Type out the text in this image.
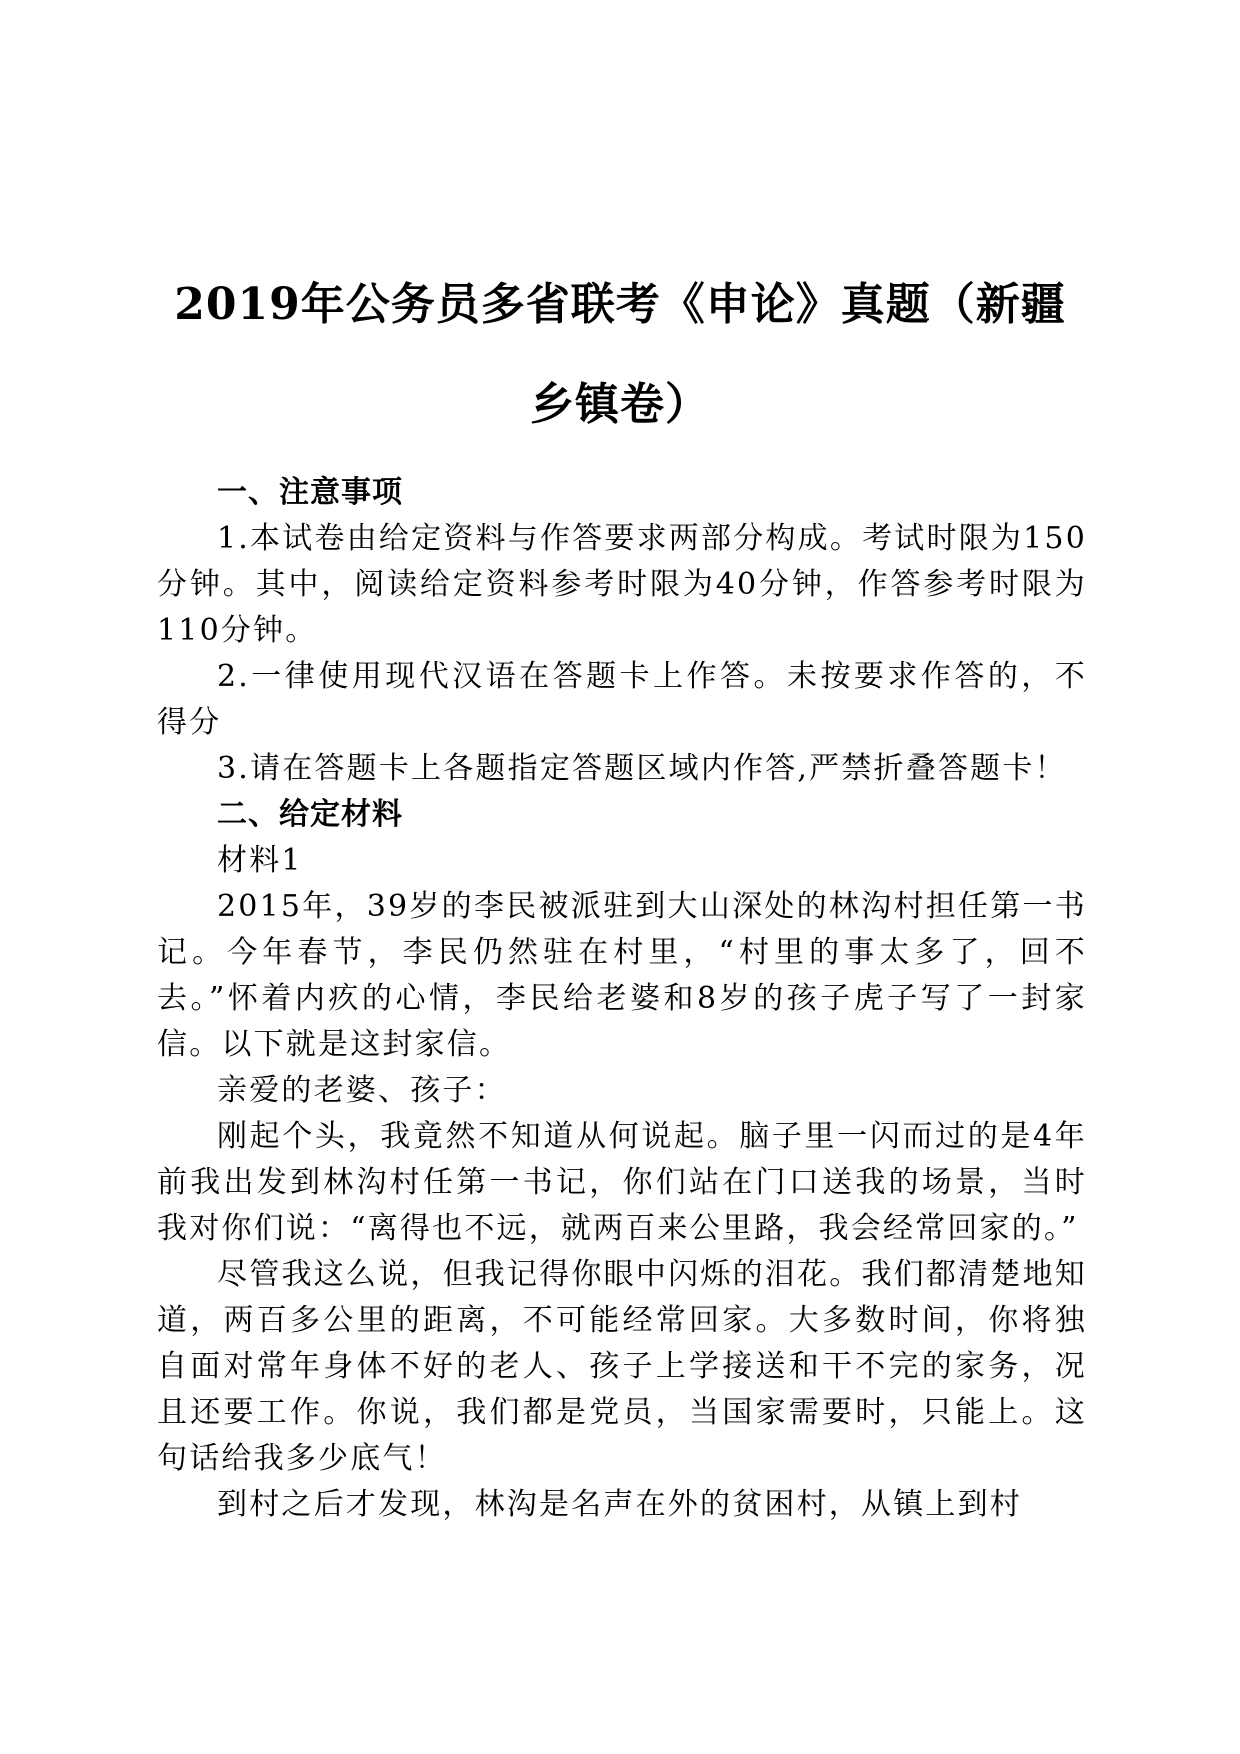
2019年公务员多省联考《申论》真题（新疆
乡镇卷）

一、注意事项

1.本试卷由给定资料与作答要求两部分构成。考试时限为150分钟。其中，阅读给定资料参考时限为40分钟，作答参考时限为110分钟。

2.一律使用现代汉语在答题卡上作答。未按要求作答的，不得分

3.请在答题卡上各题指定答题区域内作答,严禁折叠答题卡！

二、给定材料

材料1

2015年，39岁的李民被派驻到大山深处的林沟村担任第一书记。今年春节，李民仍然驻在村里，“村里的事太多了，回不去。”怀着内疚的心情，李民给老婆和8岁的孩子虎子写了一封家信。以下就是这封家信。

亲爱的老婆、孩子：

刚起个头，我竟然不知道从何说起。脑子里一闪而过的是4年前我出发到林沟村任第一书记，你们站在门口送我的场景，当时我对你们说：“离得也不远，就两百来公里路，我会经常回家的。”

尽管我这么说，但我记得你眼中闪烁的泪花。我们都清楚地知道，两百多公里的距离，不可能经常回家。大多数时间，你将独自面对常年身体不好的老人、孩子上学接送和干不完的家务，况且还要工作。你说，我们都是党员，当国家需要时，只能上。这句话给我多少底气！

到村之后才发现，林沟是名声在外的贫困村，从镇上到村
